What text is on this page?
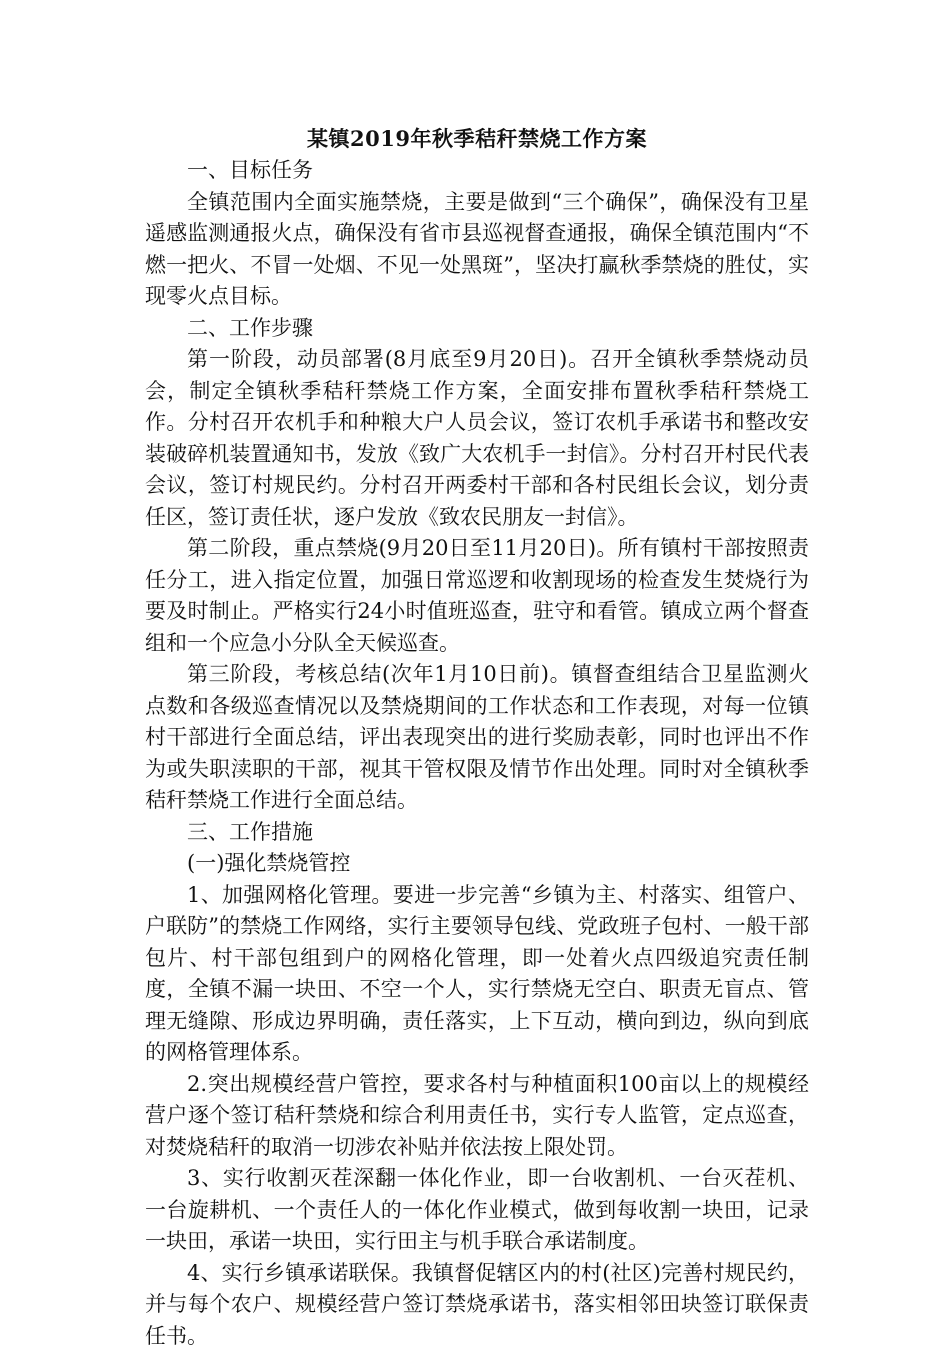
某镇2019年秋季秸秆禁烧工作方案

一、目标任务

全镇范围内全面实施禁烧，主要是做到“三个确保”，确保没有卫星遥感监测通报火点，确保没有省市县巡视督查通报，确保全镇范围内“不燃一把火、不冒一处烟、不见一处黑斑”，坚决打赢秋季禁烧的胜仗，实现零火点目标。

二、工作步骤

第一阶段，动员部署(8月底至9月20日)。召开全镇秋季禁烧动员会，制定全镇秋季秸秆禁烧工作方案，全面安排布置秋季秸秆禁烧工作。分村召开农机手和种粮大户人员会议，签订农机手承诺书和整改安装破碎机装置通知书，发放《致广大农机手一封信》。分村召开村民代表会议，签订村规民约。分村召开两委村干部和各村民组长会议，划分责任区，签订责任状，逐户发放《致农民朋友一封信》。

第二阶段，重点禁烧(9月20日至11月20日)。所有镇村干部按照责任分工，进入指定位置，加强日常巡逻和收割现场的检查发生焚烧行为要及时制止。严格实行24小时值班巡查，驻守和看管。镇成立两个督查组和一个应急小分队全天候巡查。

第三阶段，考核总结(次年1月10日前)。镇督查组结合卫星监测火点数和各级巡查情况以及禁烧期间的工作状态和工作表现，对每一位镇村干部进行全面总结，评出表现突出的进行奖励表彰，同时也评出不作为或失职渎职的干部，视其干管权限及情节作出处理。同时对全镇秋季秸秆禁烧工作进行全面总结。

三、工作措施

(一)强化禁烧管控

1、加强网格化管理。要进一步完善“乡镇为主、村落实、组管户、户联防”的禁烧工作网络，实行主要领导包线、党政班子包村、一般干部包片、村干部包组到户的网格化管理，即一处着火点四级追究责任制度，全镇不漏一块田、不空一个人，实行禁烧无空白、职责无盲点、管理无缝隙、形成边界明确，责任落实，上下互动，横向到边，纵向到底的网格管理体系。

2.突出规模经营户管控，要求各村与种植面积100亩以上的规模经营户逐个签订秸秆禁烧和综合利用责任书，实行专人监管，定点巡查，对焚烧秸秆的取消一切涉农补贴并依法按上限处罚。

3、实行收割灭茬深翻一体化作业，即一台收割机、一台灭茬机、一台旋耕机、一个责任人的一体化作业模式，做到每收割一块田，记录一块田，承诺一块田，实行田主与机手联合承诺制度。

4、实行乡镇承诺联保。我镇督促辖区内的村(社区)完善村规民约，并与每个农户、规模经营户签订禁烧承诺书，落实相邻田块签订联保责任书。
